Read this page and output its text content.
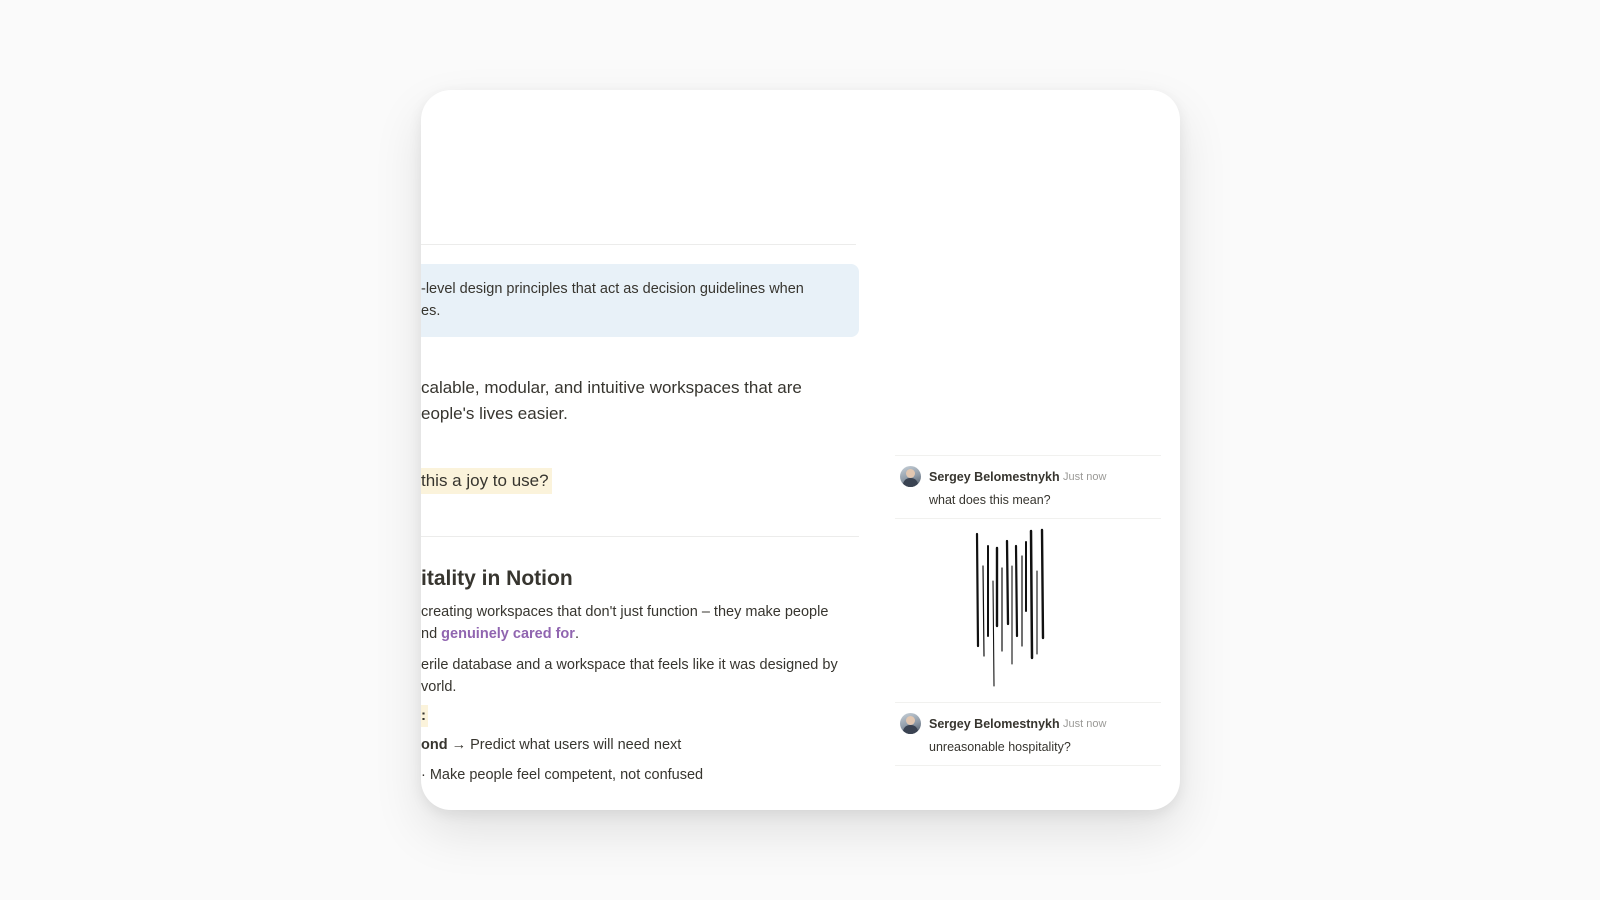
-level design principles that act as decision guidelines when
es.
calable, modular, and intuitive workspaces that are
eople's lives easier.
this a joy to use?
itality in Notion
creating workspaces that don't just function – they make people
nd genuinely cared for.
erile database and a workspace that feels like it was designed by
vorld.
:
ond → Predict what users will need next
· Make people feel competent, not confused
Sergey Belomestnykh Just now
what does this mean?
Sergey Belomestnykh Just now
unreasonable hospitality?
